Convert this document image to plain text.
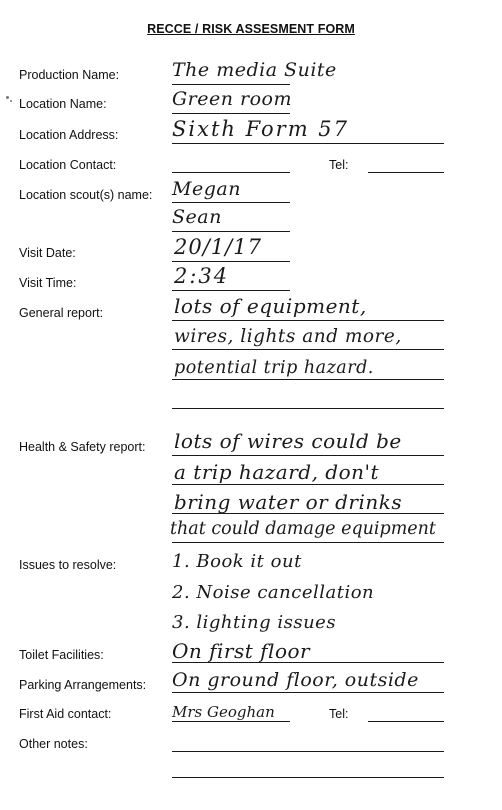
RECCE / RISK ASSESMENT FORM
Production Name:
Location Name:
Location Address:
Location Contact:
Location scout(s) name:
Visit Date:
Visit Time:
General report:
Health & Safety report:
Issues to resolve:
Toilet Facilities:
Parking Arrangements:
First Aid contact:
Other notes:
Tel:
Tel:
The media Suite
Green room
Sixth Form 57
Megan
Sean
20/1/17
2:34
lots of equipment,
wires, lights and more,
potential trip hazard.
lots of wires could be
a trip hazard, don't
bring water or drinks
that could damage equipment
1. Book it out
2. Noise cancellation
3. lighting issues
On first floor
On ground floor, outside
Mrs Geoghan
